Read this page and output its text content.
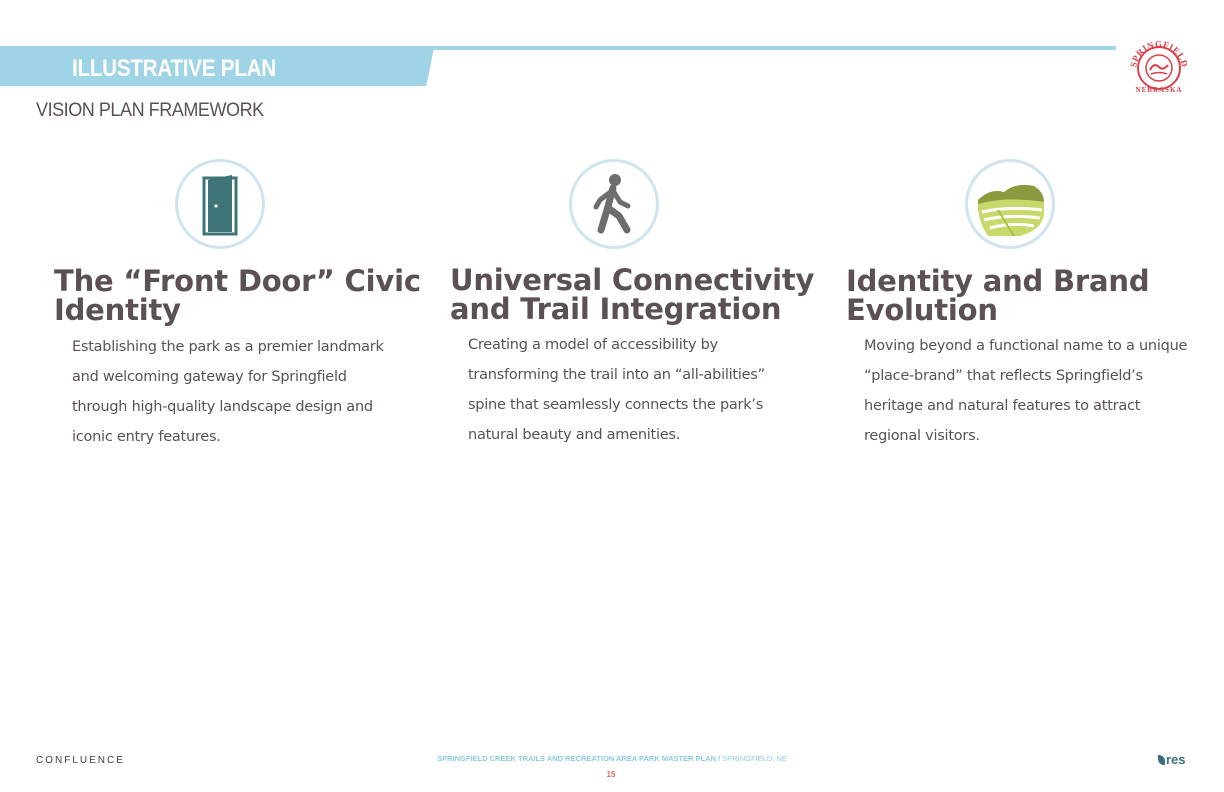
ILLUSTRATIVE PLAN
VISION PLAN FRAMEWORK
SPRINGFIELD
NEBRASKA
The “Front Door” Civic
Identity
Establishing the park as a premier landmark
and welcoming gateway for Springfield
through high-quality landscape design and
iconic entry features.
Universal Connectivity
and Trail Integration
Creating a model of accessibility by
transforming the trail into an “all-abilities”
spine that seamlessly connects the park’s
natural beauty and amenities.
Identity and Brand
Evolution
Moving beyond a functional name to a unique
“place-brand” that reflects Springfield’s
heritage and natural features to attract
regional visitors.
CONFLUENCE	SPRINGFIELD CREEK TRAILS AND RECREATION AREA PARK MASTER PLAN / SPRINGFIELD, NE
15
res
